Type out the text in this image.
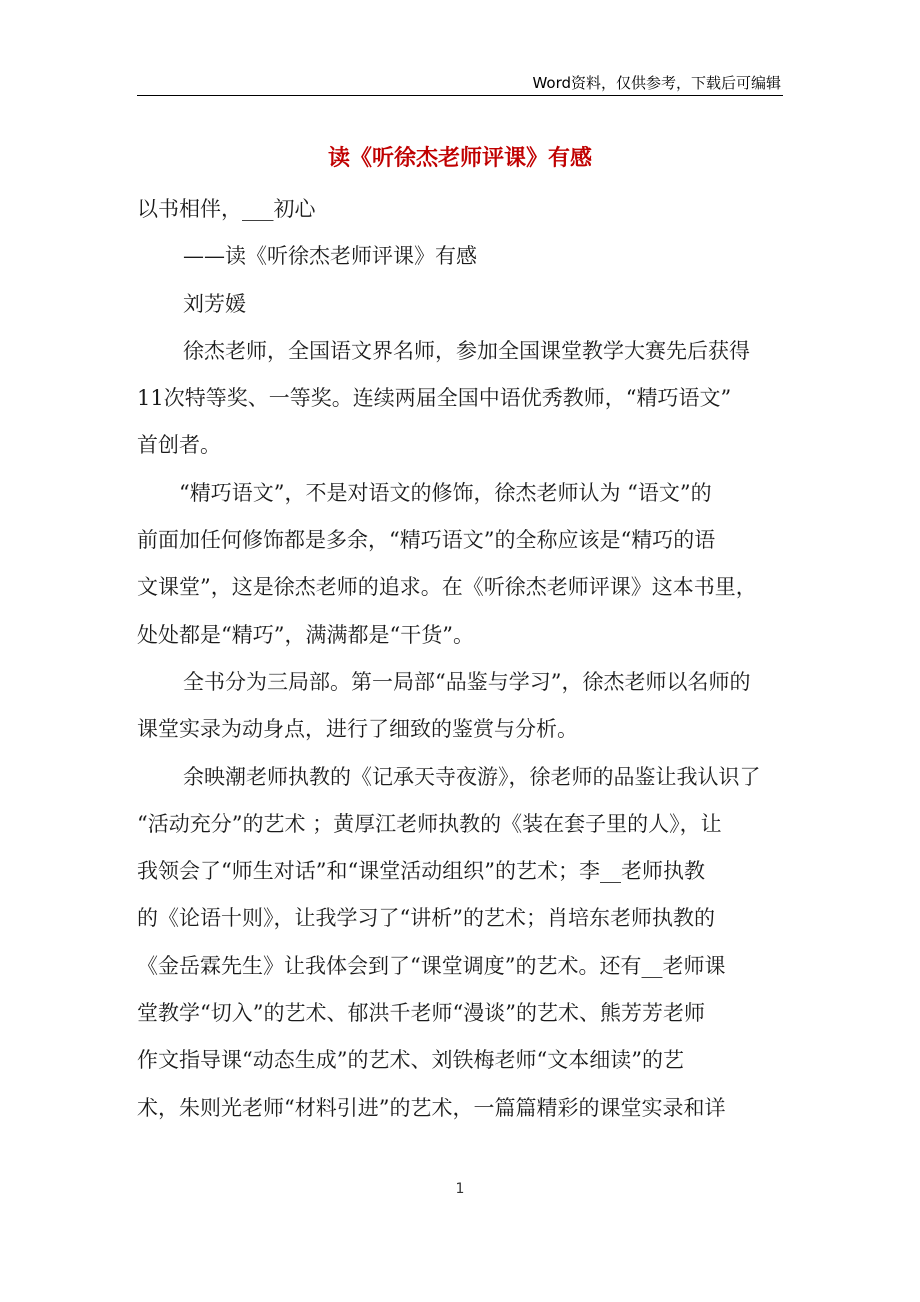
Word资料，仅供参考，下载后可编辑
读《听徐杰老师评课》有感
以书相伴，___初心
——读《听徐杰老师评课》有感
刘芳媛
徐杰老师，全国语文界名师，参加全国课堂教学大赛先后获得
11次特等奖、一等奖。连续两届全国中语优秀教师，“精巧语文”
首创者。
“精巧语文”，不是对语文的修饰，徐杰老师认为 “语文”的
前面加任何修饰都是多余，“精巧语文”的全称应该是“精巧的语
文课堂”，这是徐杰老师的追求。在《听徐杰老师评课》这本书里，
处处都是“精巧”，满满都是“干货”。
全书分为三局部。第一局部“品鉴与学习”，徐杰老师以名师的
课堂实录为动身点，进行了细致的鉴赏与分析。
余映潮老师执教的《记承天寺夜游》，徐老师的品鉴让我认识了
“活动充分”的艺术 ；黄厚江老师执教的《装在套子里的人》，让
我领会了“师生对话”和“课堂活动组织”的艺术；李__老师执教
的《论语十则》，让我学习了“讲析”的艺术；肖培东老师执教的
《金岳霖先生》让我体会到了“课堂调度”的艺术。还有__老师课
堂教学“切入”的艺术、郁洪千老师“漫谈”的艺术、熊芳芳老师
作文指导课“动态生成”的艺术、刘铁梅老师“文本细读”的艺
术，朱则光老师“材料引进”的艺术，一篇篇精彩的课堂实录和详
1
